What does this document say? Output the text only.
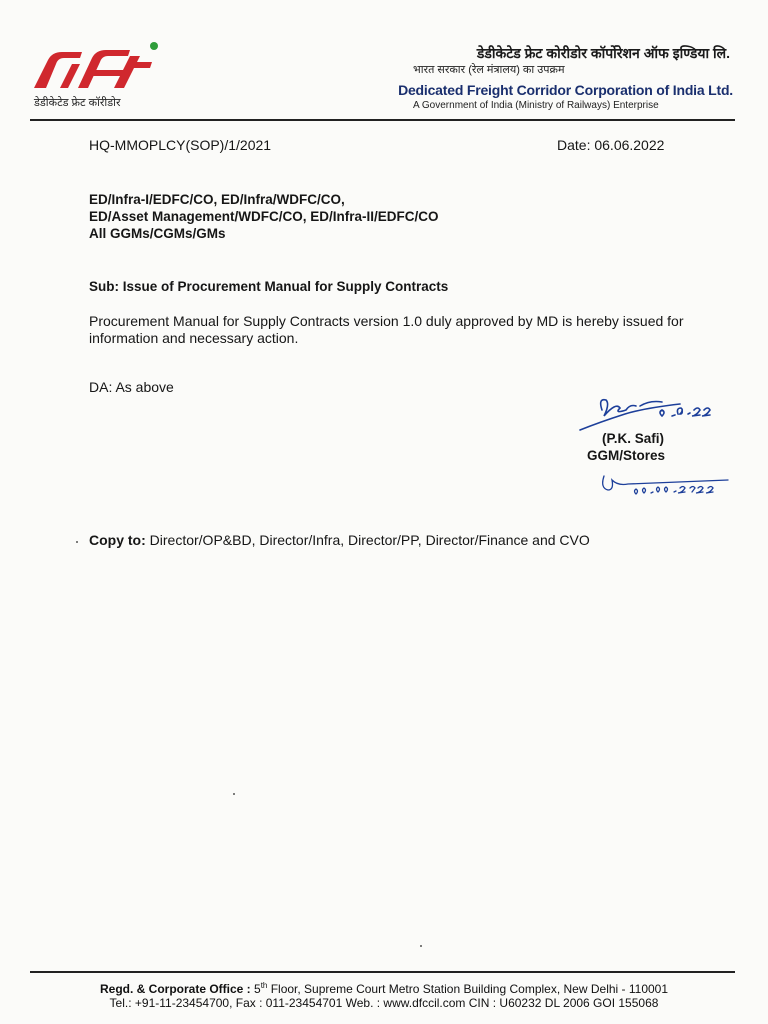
डेडीकेटेड फ्रेट कॉरीडोर
डेडीकेटेड फ्रेट कोरीडोर कॉर्पोरेशन ऑफ इण्डिया लि.
भारत सरकार (रेल मंत्रालय) का उपक्रम
Dedicated Freight Corridor Corporation of India Ltd.
A Government of India (Ministry of Railways) Enterprise
HQ-MMOPLCY(SOP)/1/2021	Date: 06.06.2022
ED/Infra-I/EDFC/CO, ED/Infra/WDFC/CO,
ED/Asset Management/WDFC/CO, ED/Infra-II/EDFC/CO
All GGMs/CGMs/GMs
Sub: Issue of Procurement Manual for Supply Contracts
Procurement Manual for Supply Contracts version 1.0 duly approved by MD is hereby issued for information and necessary action.
DA: As above
(P.K. Safi)
GGM/Stores
Copy to: Director/OP&BD, Director/Infra, Director/PP, Director/Finance and CVO
Regd. & Corporate Office : 5th Floor, Supreme Court Metro Station Building Complex, New Delhi - 110001
Tel.: +91-11-23454700, Fax : 011-23454701 Web. : www.dfccil.com CIN : U60232 DL 2006 GOI 155068
